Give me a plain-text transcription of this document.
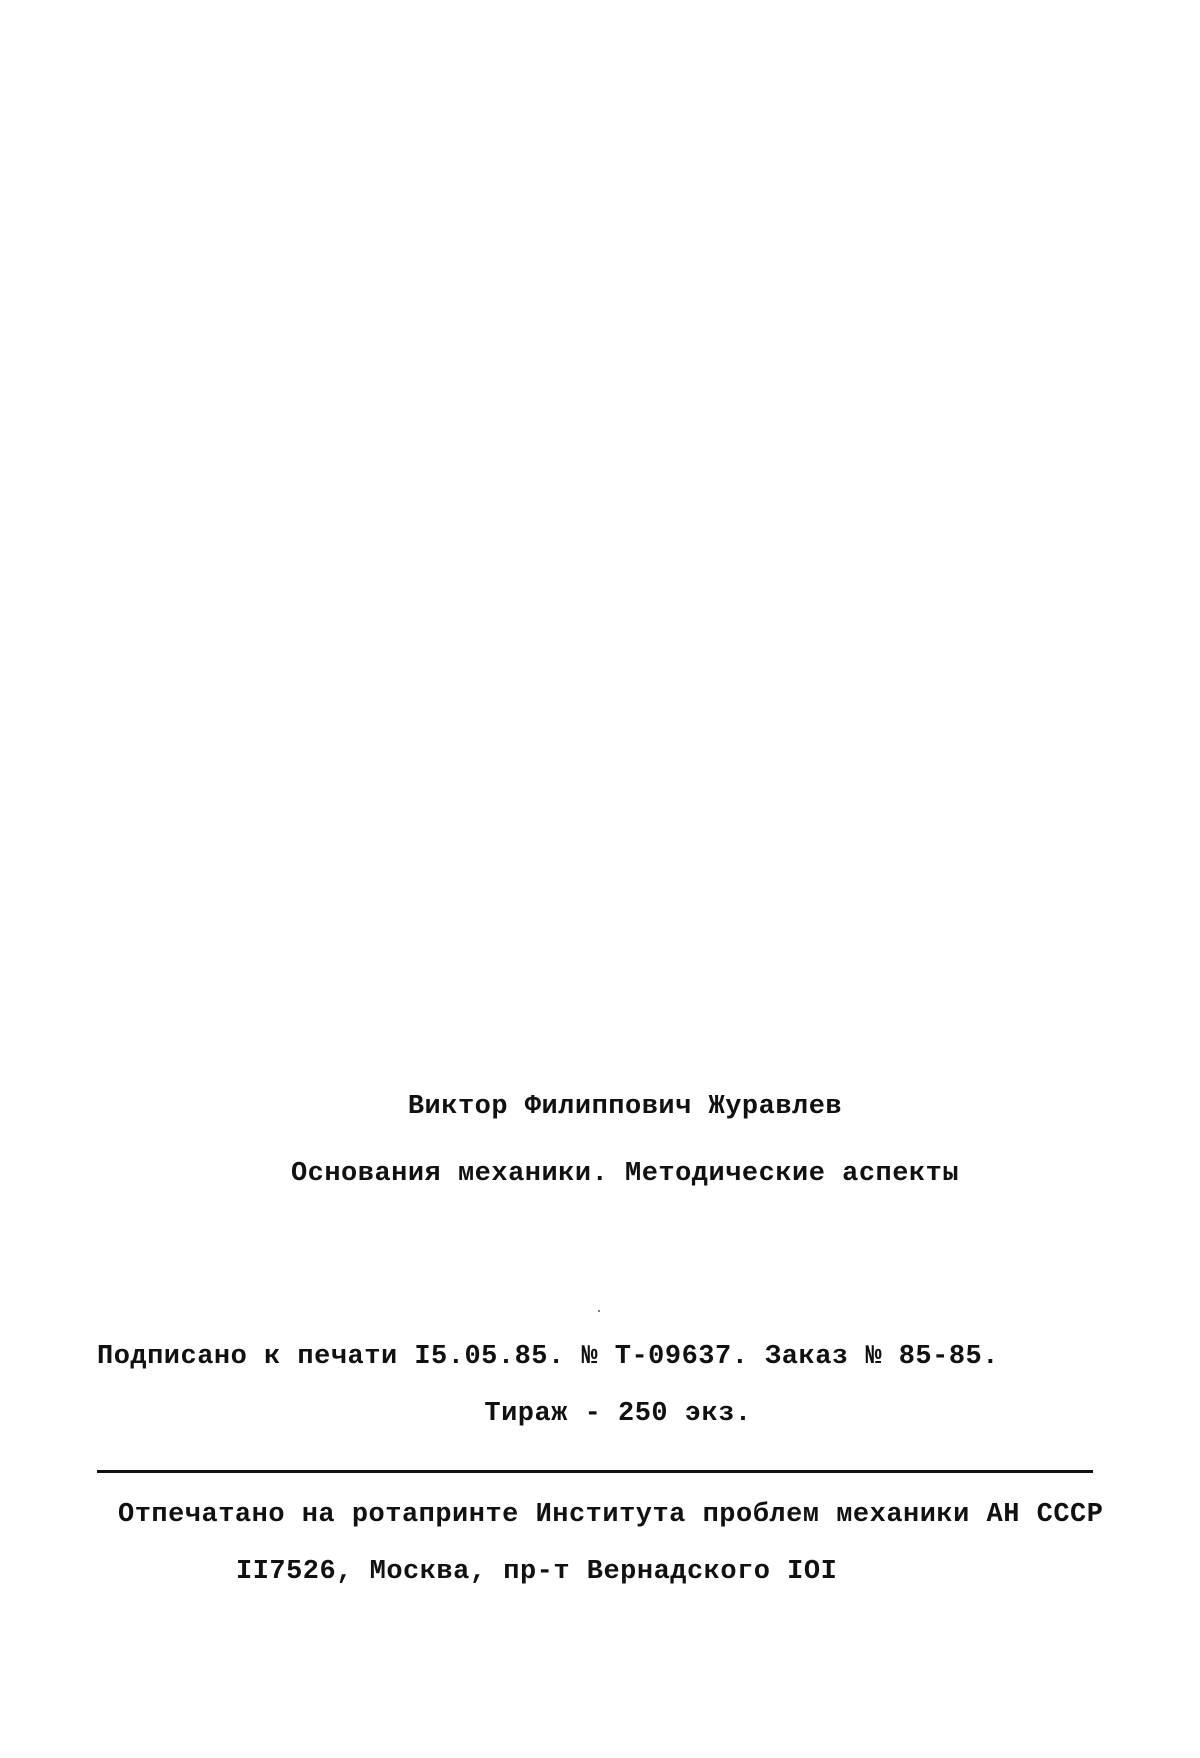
Виктор Филиппович Журавлев
Основания механики. Методические аспекты
Подписано к печати I5.05.85. № Т-09637. Заказ № 85-85.
Тираж - 250 экз.
Отпечатано на ротапринте Института проблем механики АН СССР
II7526, Москва, пр-т Вернадского IOI
